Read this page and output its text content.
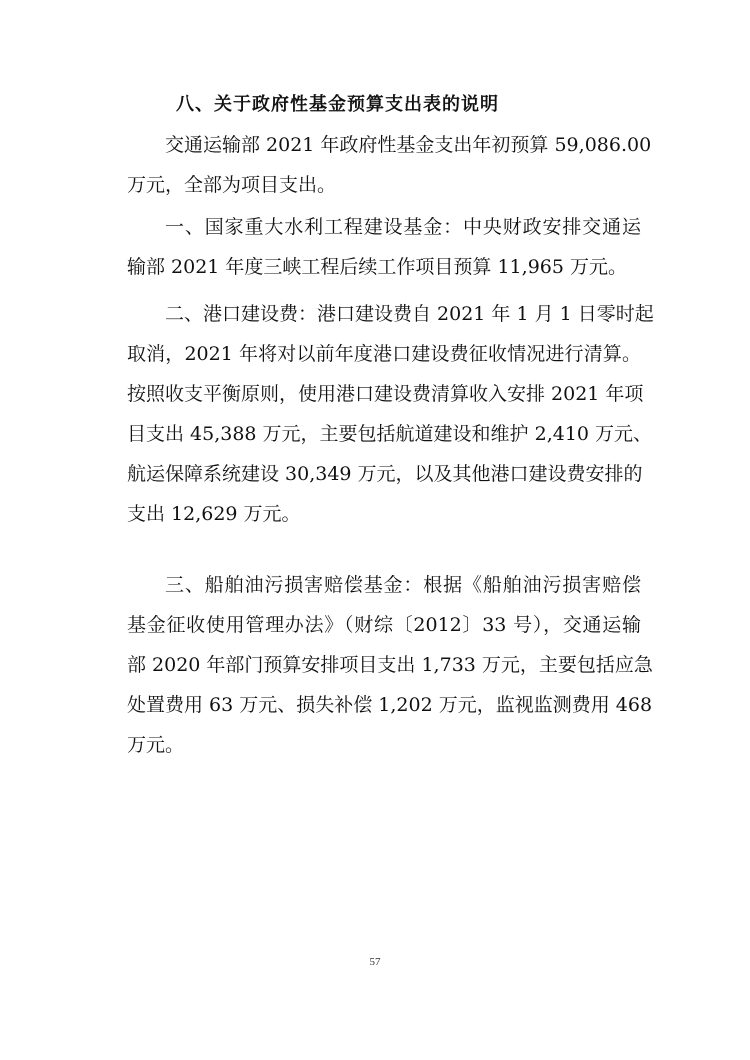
八、关于政府性基金预算支出表的说明

交通运输部 2021 年政府性基金支出年初预算 59,086.00
万元，全部为项目支出。

一、国家重大水利工程建设基金：中央财政安排交通运
输部 2021 年度三峡工程后续工作项目预算 11,965 万元。

二、港口建设费：港口建设费自 2021 年 1 月 1 日零时起
取消，2021 年将对以前年度港口建设费征收情况进行清算。
按照收支平衡原则，使用港口建设费清算收入安排 2021 年项
目支出 45,388 万元，主要包括航道建设和维护 2,410 万元、
航运保障系统建设 30,349 万元，以及其他港口建设费安排的
支出 12,629 万元。

三、船舶油污损害赔偿基金：根据《船舶油污损害赔偿
基金征收使用管理办法》（财综〔2012〕33 号），交通运输
部 2020 年部门预算安排项目支出 1,733 万元，主要包括应急
处置费用 63 万元、损失补偿 1,202 万元，监视监测费用 468
万元。

57
